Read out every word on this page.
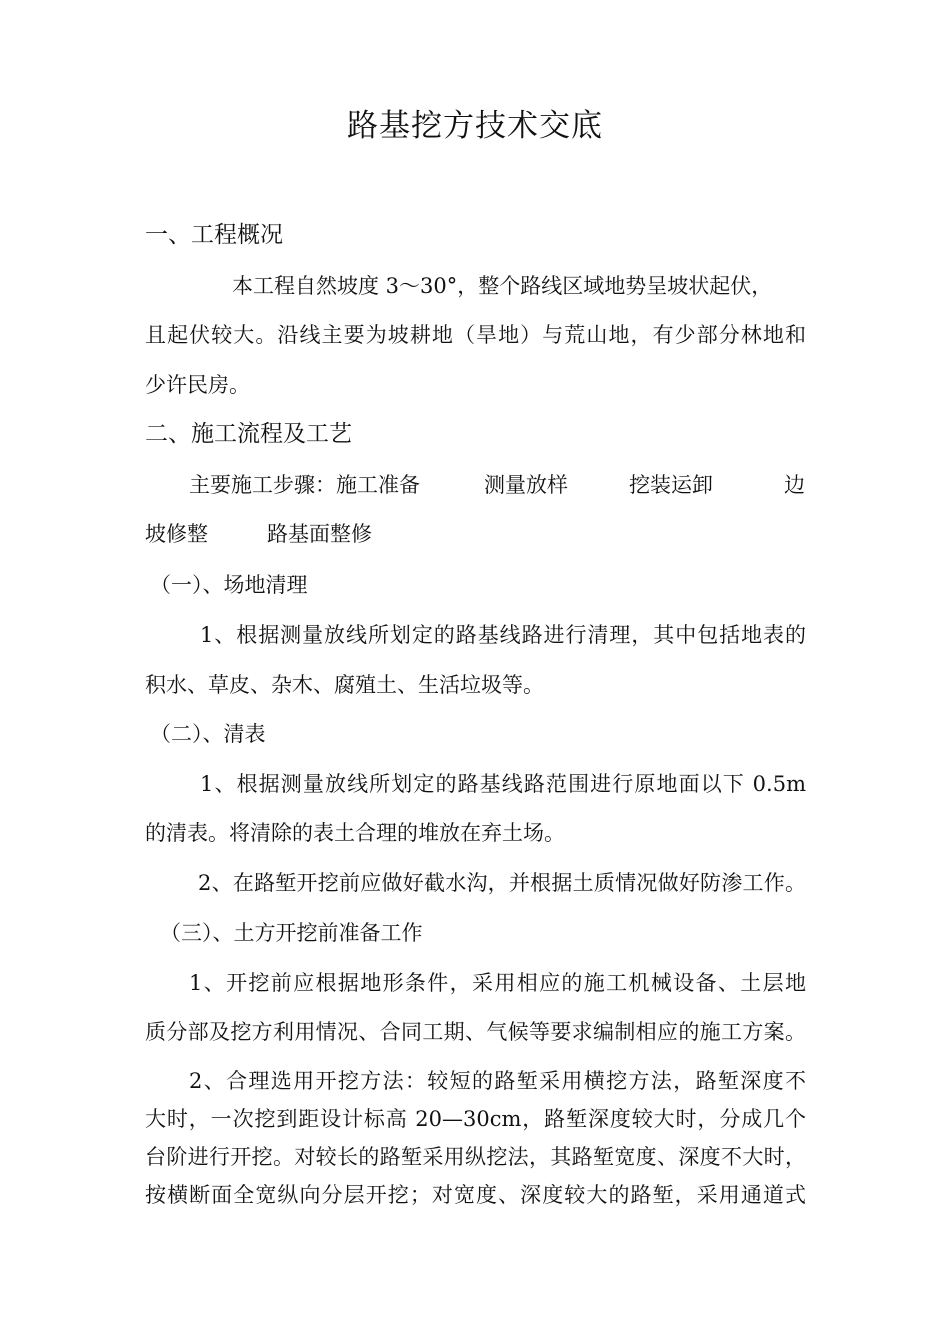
路基挖方技术交底
一、工程概况
本工程自然坡度 3～30°，整个路线区域地势呈坡状起伏，
且起伏较大。沿线主要为坡耕地（旱地）与荒山地，有少部分林地和
少许民房。
二、施工流程及工艺
主要施工步骤： 施工准备	测量放样	挖装运卸	边
坡修整	路基面整修
（一）、场地清理
1、根据测量放线所划定的路基线路进行清理，其中包括地表的
积水、草皮、杂木、腐殖土、生活垃圾等。
（二）、清表
1、根据测量放线所划定的路基线路范围进行原地面以下 0.5m
的清表。将清除的表土合理的堆放在弃土场。
2、在路堑开挖前应做好截水沟，并根据土质情况做好防渗工作。
（三）、土方开挖前准备工作
1、开挖前应根据地形条件，采用相应的施工机械设备、土层地
质分部及挖方利用情况、合同工期、气候等要求编制相应的施工方案。
2、合理选用开挖方法：较短的路堑采用横挖方法，路堑深度不
大时，一次挖到距设计标高 20—30cm，路堑深度较大时，分成几个
台阶进行开挖。对较长的路堑采用纵挖法，其路堑宽度、深度不大时，
按横断面全宽纵向分层开挖；对宽度、深度较大的路堑，采用通道式
